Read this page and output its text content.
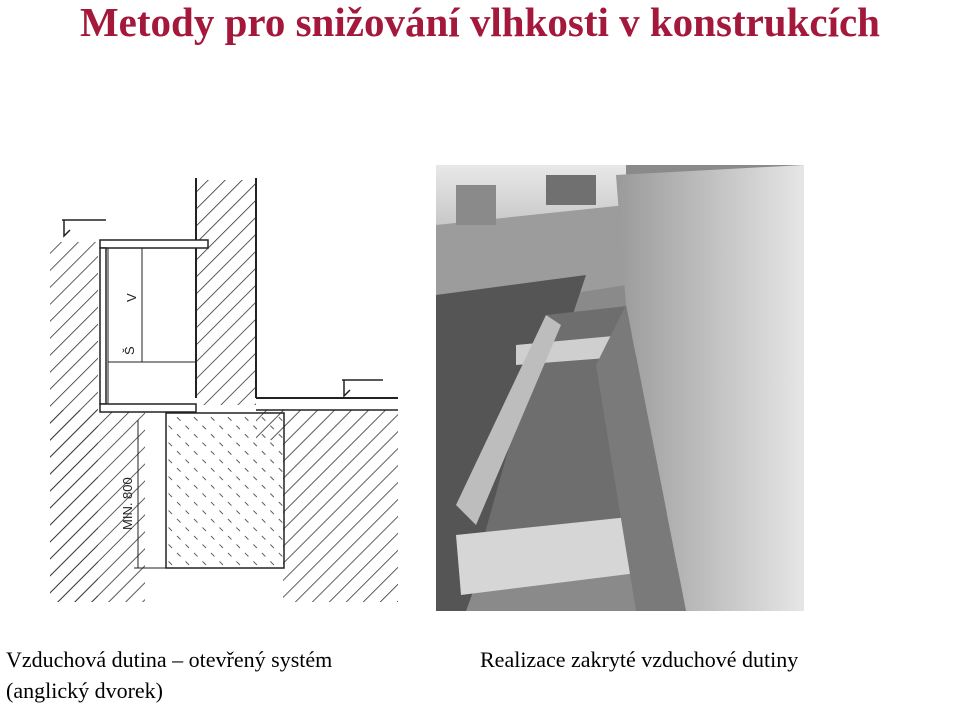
Metody pro snižování vlhkosti v konstrukcích
V
Š
MIN. 800
Vzduchová dutina – otevřený systém
(anglický dvorek)
Realizace zakryté vzduchové dutiny
